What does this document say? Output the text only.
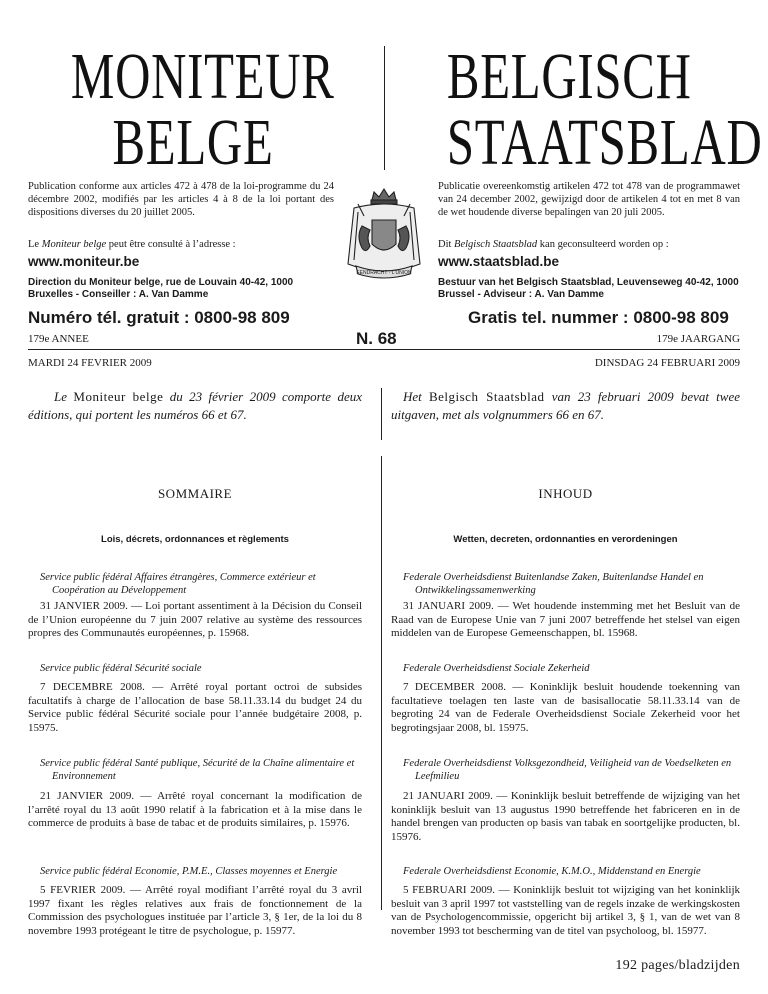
MONITEUR
BELGE
BELGISCH
STAATSBLAD
Publication conforme aux articles 472 à 478 de la loi-programme du 24 décembre 2002, modifiés par les articles 4 à 8 de la loi portant des dispositions diverses du 20 juillet 2005.
Publicatie overeenkomstig artikelen 472 tot 478 van de programmawet van 24 december 2002, gewijzigd door de artikelen 4 tot en met 8 van de wet houdende diverse bepalingen van 20 juli 2005.
EENDRACHT · L'UNION
Le Moniteur belge peut être consulté à l’adresse :
www.moniteur.be
Dit Belgisch Staatsblad kan geconsulteerd worden op :
www.staatsblad.be
Direction du Moniteur belge, rue de Louvain 40-42, 1000 Bruxelles - Conseiller : A. Van Damme
Bestuur van het Belgisch Staatsblad, Leuvenseweg 40-42, 1000 Brussel - Adviseur : A. Van Damme
Numéro tél. gratuit : 0800-98 809	Gratis tel. nummer : 0800-98 809
179e ANNEE	N. 68	179e JAARGANG
MARDI 24 FEVRIER 2009	DINSDAG 24 FEBRUARI 2009
Le Moniteur belge du 23 février 2009 comporte deux éditions, qui portent les numéros 66 et 67.
Het Belgisch Staatsblad van 23 februari 2009 bevat twee uitgaven, met als volgnummers 66 en 67.
SOMMAIRE	INHOUD
Lois, décrets, ordonnances et règlements	Wetten, decreten, ordonnanties en verordeningen
Service public fédéral Affaires étrangères, Commerce extérieur et Coopération au Développement
Federale Overheidsdienst Buitenlandse Zaken, Buitenlandse Handel en Ontwikkelingssamenwerking
31 JANVIER 2009. — Loi portant assentiment à la Décision du Conseil de l’Union européenne du 7 juin 2007 relative au système des ressources propres des Communautés européennes, p. 15968.
31 JANUARI 2009. — Wet houdende instemming met het Besluit van de Raad van de Europese Unie van 7 juni 2007 betreffende het stelsel van eigen middelen van de Europese Gemeenschappen, bl. 15968.
Service public fédéral Sécurité sociale	Federale Overheidsdienst Sociale Zekerheid
7 DECEMBRE 2008. — Arrêté royal portant octroi de subsides facultatifs à charge de l’allocation de base 58.11.33.14 du budget 24 du Service public fédéral Sécurité sociale pour l’année budgétaire 2008, p. 15975.
7 DECEMBER 2008. — Koninklijk besluit houdende toekenning van facultatieve toelagen ten laste van de basisallocatie 58.11.33.14 van de begroting 24 van de Federale Overheidsdienst Sociale Zekerheid voor het begrotingsjaar 2008, bl. 15975.
Service public fédéral Santé publique, Sécurité de la Chaîne alimentaire et Environnement
Federale Overheidsdienst Volksgezondheid, Veiligheid van de Voedselketen en Leefmilieu
21 JANVIER 2009. — Arrêté royal concernant la modification de l’arrêté royal du 13 août 1990 relatif à la fabrication et à la mise dans le commerce de produits à base de tabac et de produits similaires, p. 15976.
21 JANUARI 2009. — Koninklijk besluit betreffende de wijziging van het koninklijk besluit van 13 augustus 1990 betreffende het fabriceren en in de handel brengen van producten op basis van tabak en soortgelijke producten, bl. 15976.
Service public fédéral Economie, P.M.E., Classes moyennes et Energie	Federale Overheidsdienst Economie, K.M.O., Middenstand en Energie
5 FEVRIER 2009. — Arrêté royal modifiant l’arrêté royal du 3 avril 1997 fixant les règles relatives aux frais de fonctionnement de la Commission des psychologues instituée par l’article 3, § 1er, de la loi du 8 novembre 1993 protégeant le titre de psychologue, p. 15977.
5 FEBRUARI 2009. — Koninklijk besluit tot wijziging van het koninklijk besluit van 3 april 1997 tot vaststelling van de regels inzake de werkingskosten van de Psychologencommissie, opgericht bij artikel 3, § 1, van de wet van 8 november 1993 tot bescherming van de titel van psycholoog, bl. 15977.
192 pages/bladzijden
